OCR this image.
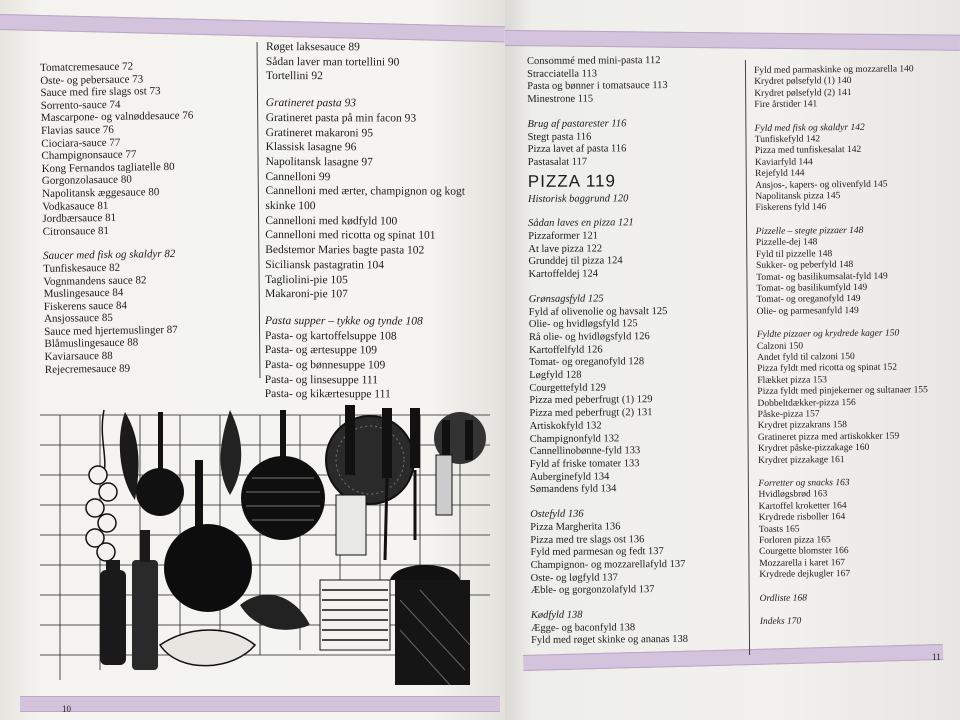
10
Tomatcremesauce 72
Oste- og pebersauce 73
Sauce med fire slags ost 73
Sorrento-sauce 74
Mascarpone- og valnøddesauce 76
Flavias sauce 76
Ciociara-sauce 77
Champignonsauce 77
Kong Fernandos tagliatelle 80
Gorgonzolasauce 80
Napolitansk æggesauce 80
Vodkasauce 81
Jordbærsauce 81
Citronsauce 81
Saucer med fisk og skaldyr 82
Tunfiskesauce 82
Vognmandens sauce 82
Muslingesauce 84
Fiskerens sauce 84
Ansjossauce 85
Sauce med hjertemuslinger 87
Blåmuslingesauce 88
Kaviarsauce 88
Rejecremesauce 89
Røget laksesauce 89
Sådan laver man tortellini 90
Tortellini 92
Gratineret pasta 93
Gratineret pasta på min facon 93
Gratineret makaroni 95
Klassisk lasagne 96
Napolitansk lasagne 97
Cannelloni 99
Cannelloni med ærter, champignon og kogt
skinke 100
Cannelloni med kødfyld 100
Cannelloni med ricotta og spinat 101
Bedstemor Maries bagte pasta 102
Siciliansk pastagratin 104
Tagliolini-pie 105
Makaroni-pie 107
Pasta supper – tykke og tynde 108
Pasta- og kartoffelsuppe 108
Pasta- og ærtesuppe 109
Pasta- og bønnesuppe 109
Pasta- og linsesuppe 111
Pasta- og kikærtesuppe 111
11
Consommé med mini-pasta 112
Stracciatella 113
Pasta og bønner i tomatsauce 113
Minestrone 115
Brug af pastarester 116
Stegt pasta 116
Pizza lavet af pasta 116
Pastasalat 117
PIZZA 119
Historisk baggrund 120
Sådan laves en pizza 121
Pizzaformer 121
At lave pizza 122
Grunddej til pizza 124
Kartoffeldej 124
Grønsagsfyld 125
Fyld af olivenolie og havsalt 125
Olie- og hvidløgsfyld 125
Rå olie- og hvidløgsfyld 126
Kartoffelfyld 126
Tomat- og oreganofyld 128
Løgfyld 128
Courgettefyld 129
Pizza med peberfrugt (1) 129
Pizza med peberfrugt (2) 131
Artiskokfyld 132
Champignonfyld 132
Cannellinobønne-fyld 133
Fyld af friske tomater 133
Auberginefyld 134
Sømandens fyld 134
Ostefyld 136
Pizza Margherita 136
Pizza med tre slags ost 136
Fyld med parmesan og fedt 137
Champignon- og mozzarellafyld 137
Oste- og løgfyld 137
Æble- og gorgonzolafyld 137
Kødfyld 138
Ægge- og baconfyld 138
Fyld med røget skinke og ananas 138
Fyld med parmaskinke og mozzarella 140
Krydret pølsefyld (1) 140
Krydret pølsefyld (2) 141
Fire årstider 141
Fyld med fisk og skaldyr 142
Tunfiskefyld 142
Pizza med tunfiskesalat 142
Kaviarfyld 144
Rejefyld 144
Ansjos-, kapers- og olivenfyld 145
Napolitansk pizza 145
Fiskerens fyld 146
Pizzelle – stegte pizzaer 148
Pizzelle-dej 148
Fyld til pizzelle 148
Sukker- og peberfyld 148
Tomat- og basilikumsalat-fyld 149
Tomat- og basilikumfyld 149
Tomat- og oreganofyld 149
Olie- og parmesanfyld 149
Fyldte pizzaer og krydrede kager 150
Calzoni 150
Andet fyld til calzoni 150
Pizza fyldt med ricotta og spinat 152
Flækket pizza 153
Pizza fyldt med pinjekerner og sultanaer 155
Dobbeltdækker-pizza 156
Påske-pizza 157
Krydret pizzakrans 158
Gratineret pizza med artiskokker 159
Krydret påske-pizzakage 160
Krydret pizzakage 161
Forretter og snacks 163
Hvidløgsbrød 163
Kartoffel kroketter 164
Krydrede risboller 164
Toasts 165
Forloren pizza 165
Courgette blomster 166
Mozzarella i karet 167
Krydrede dejkugler 167
Ordliste 168
Indeks 170
